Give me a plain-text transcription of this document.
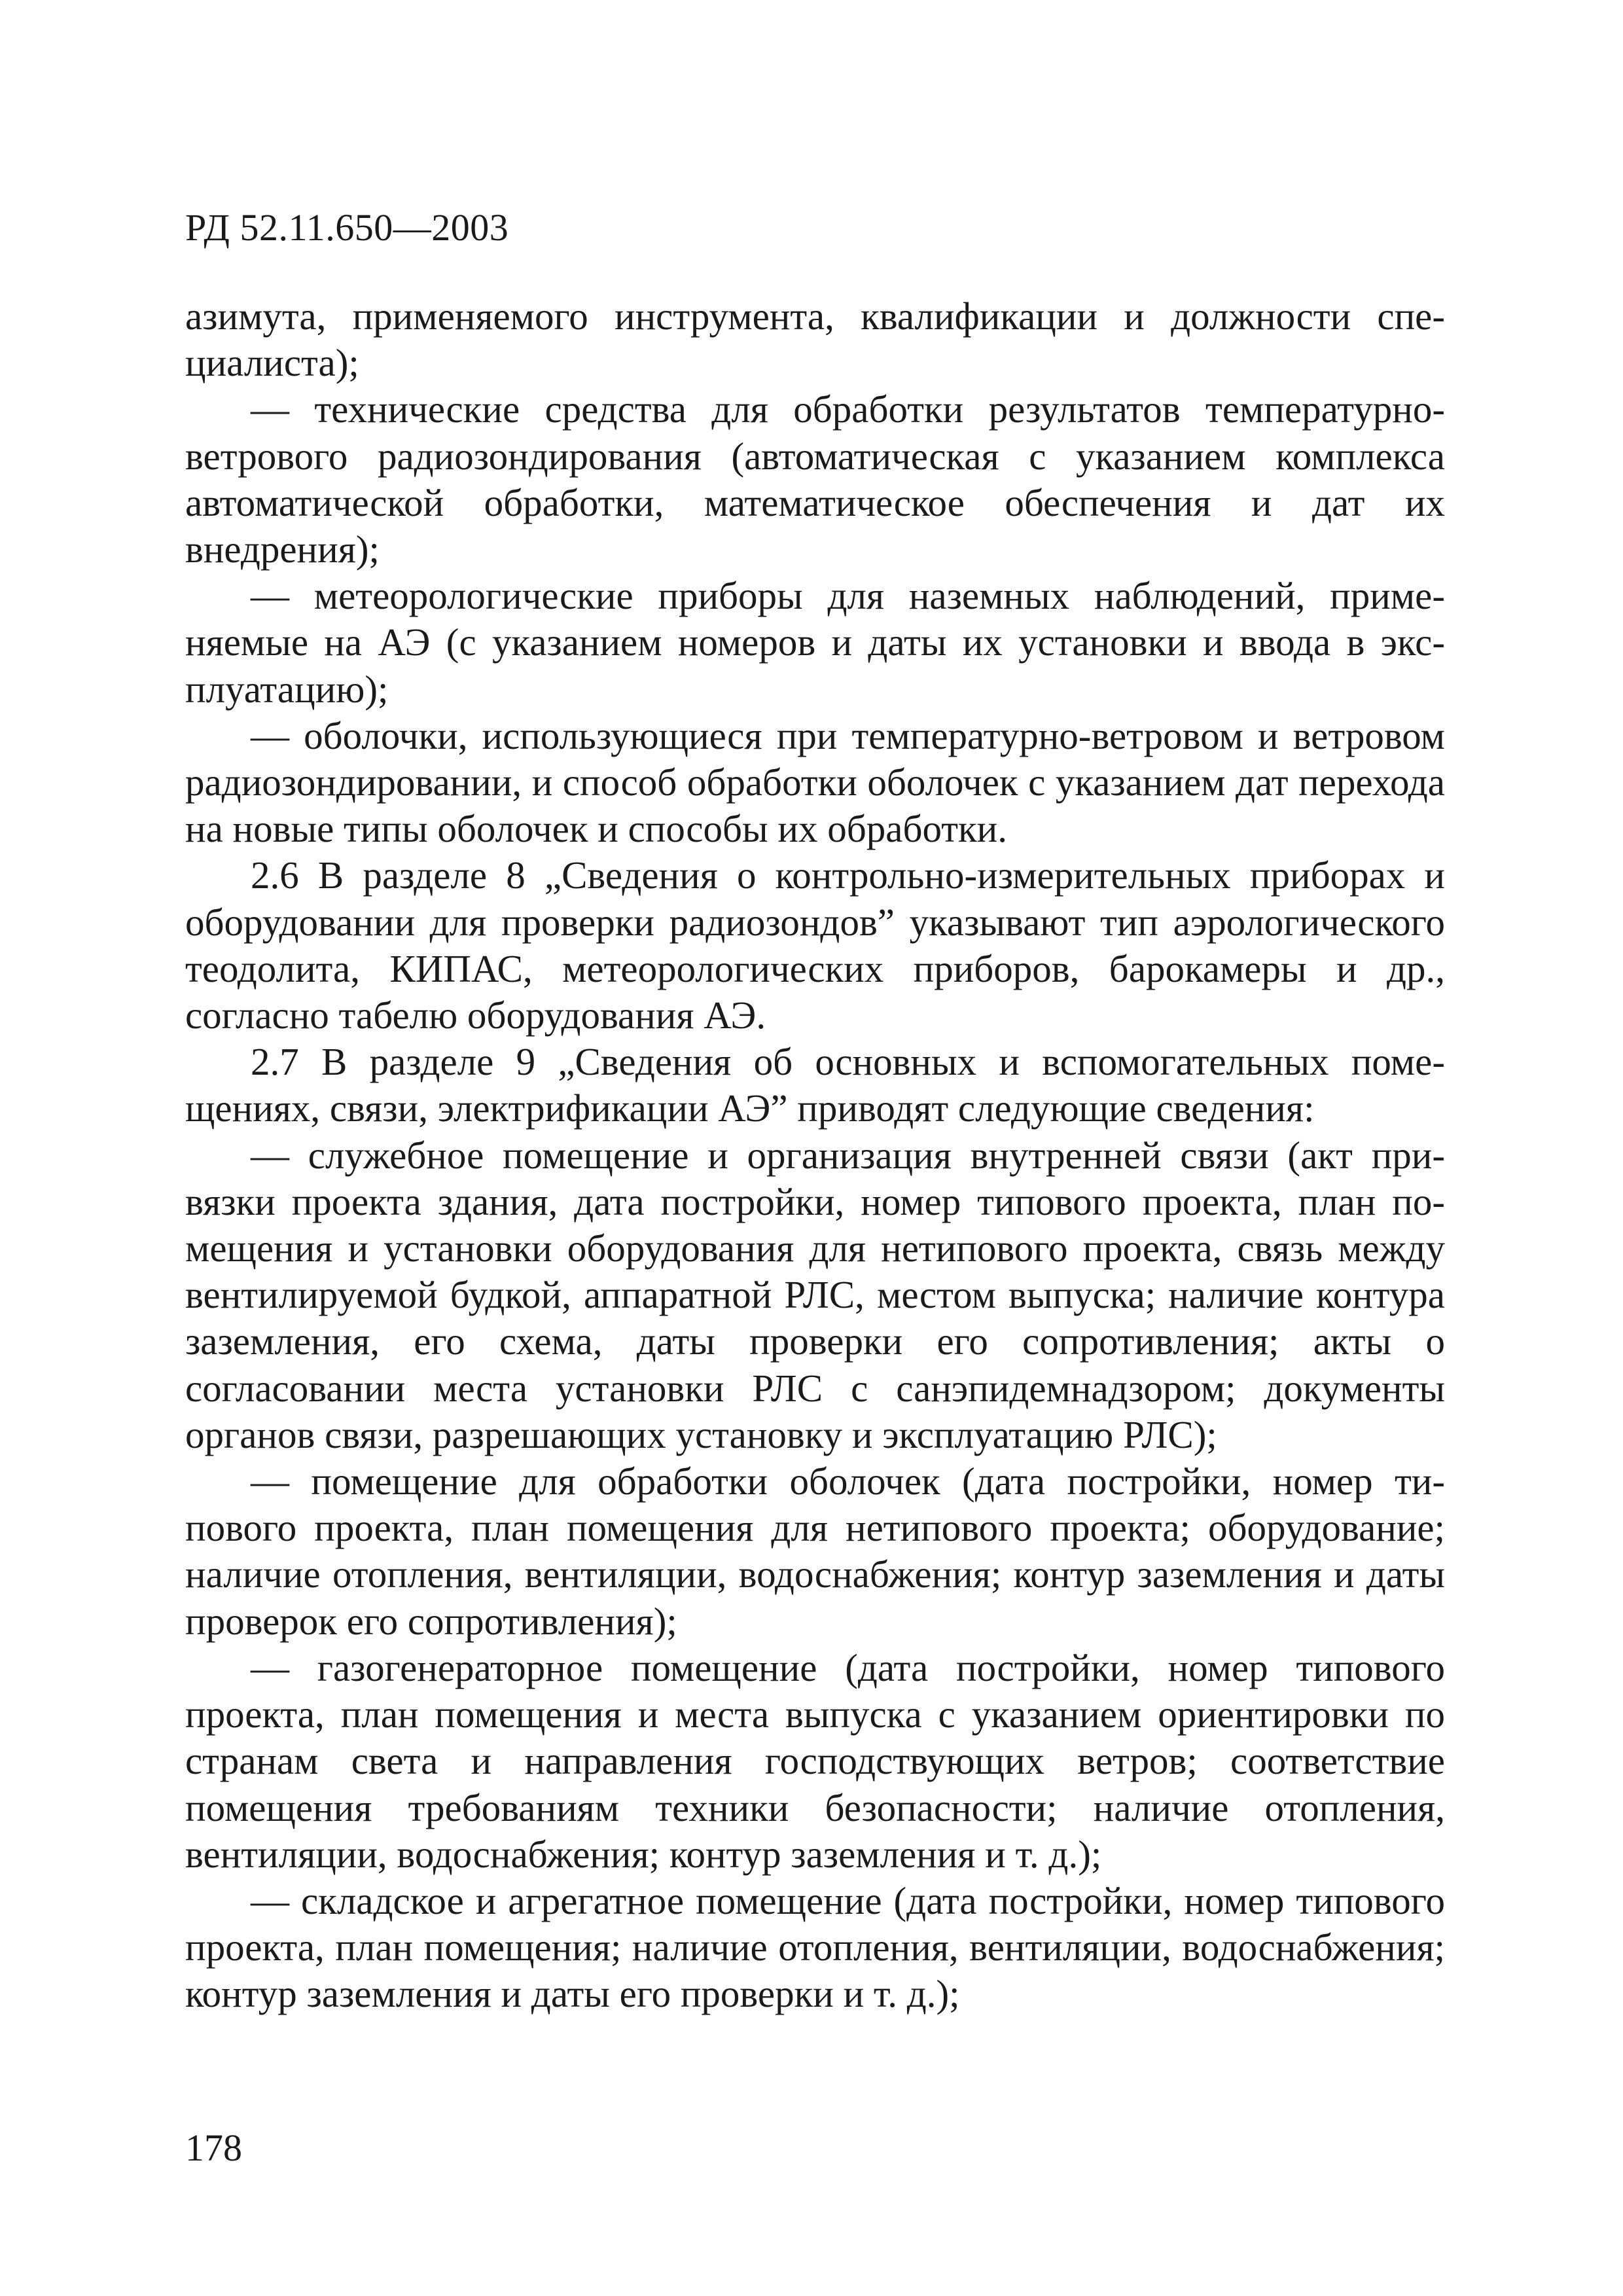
РД 52.11.650—2003

азимута, применяемого инструмента, квалификации и должности специалиста);

— технические средства для обработки результатов температурно-ветрового радиозондирования (автоматическая с указанием комплекса автоматической обработки, математическое обеспечения и дат их внедрения);

— метеорологические приборы для наземных наблюдений, применяемые на АЭ (с указанием номеров и даты их установки и ввода в эксплуатацию);

— оболочки, использующиеся при температурно-ветровом и ветровом радиозондировании, и способ обработки оболочек с указанием дат перехода на новые типы оболочек и способы их обработки.

2.6 В разделе 8 „Сведения о контрольно-измерительных приборах и оборудовании для проверки радиозондов” указывают тип аэрологического теодолита, КИПАС, метеорологических приборов, барокамеры и др., согласно табелю оборудования АЭ.

2.7 В разделе 9 „Сведения об основных и вспомогательных помещениях, связи, электрификации АЭ” приводят следующие сведения:

— служебное помещение и организация внутренней связи (акт привязки проекта здания, дата постройки, номер типового проекта, план помещения и установки оборудования для нетипового проекта, связь между вентилируемой будкой, аппаратной РЛС, местом выпуска; наличие контура заземления, его схема, даты проверки его сопротивления; акты о согласовании места установки РЛС с санэпидемнадзором; документы органов связи, разрешающих установку и эксплуатацию РЛС);

— помещение для обработки оболочек (дата постройки, номер типового проекта, план помещения для нетипового проекта; оборудование; наличие отопления, вентиляции, водоснабжения; контур заземления и даты проверок его сопротивления);

— газогенераторное помещение (дата постройки, номер типового проекта, план помещения и места выпуска с указанием ориентировки по странам света и направления господствующих ветров; соответствие помещения требованиям техники безопасности; наличие отопления, вентиляции, водоснабжения; контур заземления и т. д.);

— складское и агрегатное помещение (дата постройки, номер типового проекта, план помещения; наличие отопления, вентиляции, водоснабжения; контур заземления и даты его проверки и т. д.);

178
